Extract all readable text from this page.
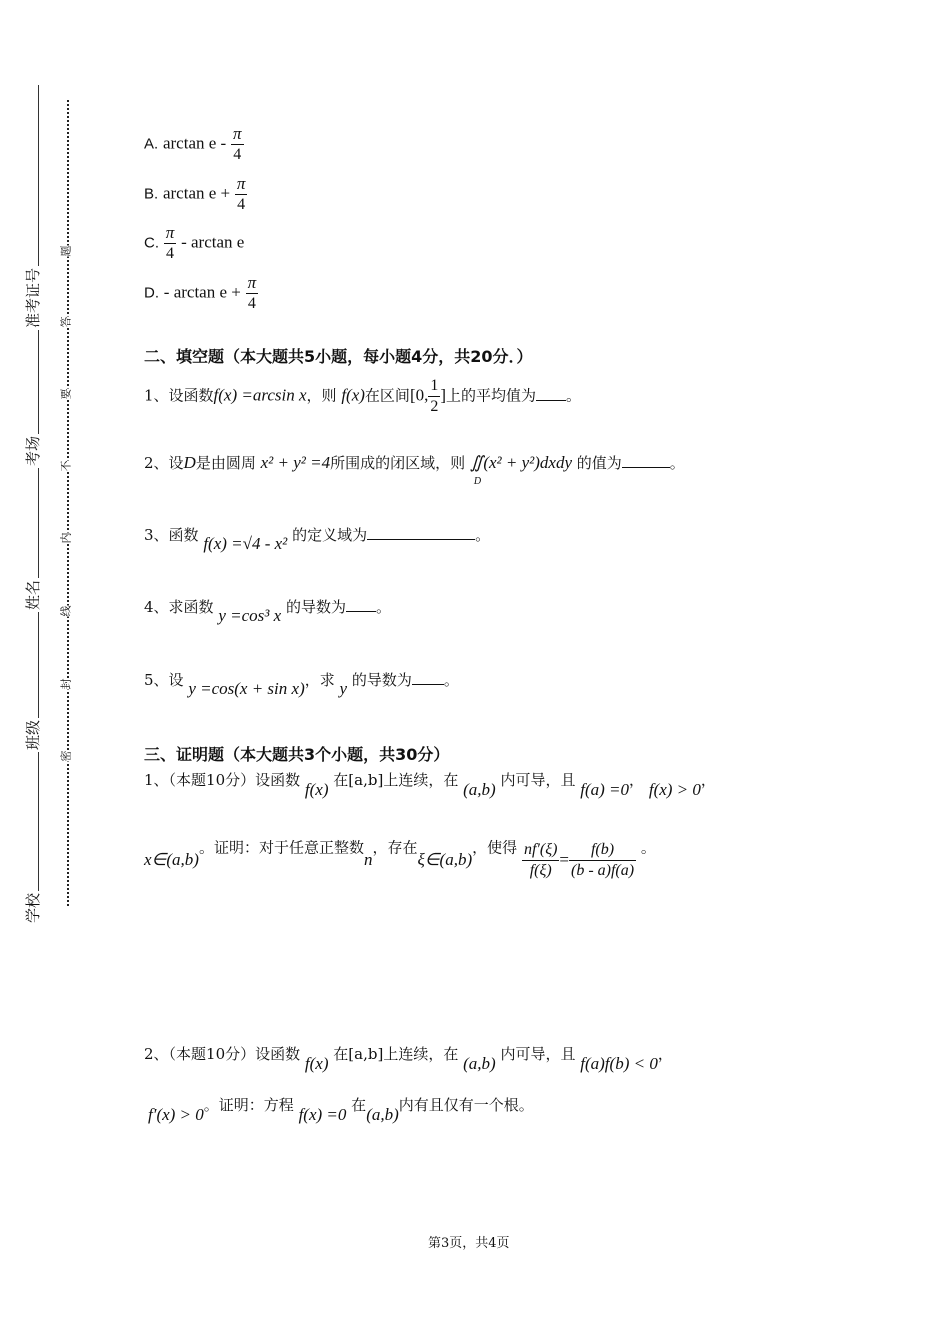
学校
班级
姓名
考场
准考证号
密
封
线
内
不
要
答
题
A. arctan e - $\frac{\pi}{4}$
B. $\arctan e + \frac{\pi}{4}$
C. $\frac{\pi}{4}$ - arctan e
D. - $\arctan e + \frac{\pi}{4}$
二、填空题（本大题共5小题，每小题4分，共20分．）
1、设函数f(x) =arcsin x，则 f(x)在区间[0, $\frac{1}{2}$ ]上的平均值为 。
2、设D是由圆周 x² + y² =4所围成的闭区域，则 ∬(x² + y²)dxdy
D
的值为	。
3、函数 f(x) =√4 - x² 的定义域为	。
4、求函数 y =cos³ x 的导数为 。
5、设 y =cos(x + sin x)，求 y 的导数为 。
三、证明题（本大题共3个小题，共30分）
1、（本题10分）设函数 f(x) 在[a,b]上连续，在 (a,b) 内可导，且 f(a) =0， f(x) > 0，
x∈(a,b)。证明：对于任意正整数n，存在ξ∈(a,b)，使得 $\frac{nf'(\xi)}{f(\xi)} = \frac{f(b)}{(b - a)f(a)}$ 。
2、（本题10分）设函数 f(x) 在[a,b]上连续，在 (a,b) 内可导，且 f(a)f(b) < 0，
f′(x) > 0。证明：方程 f(x) =0 在(a,b)内有且仅有一个根。
第3页，共4页
